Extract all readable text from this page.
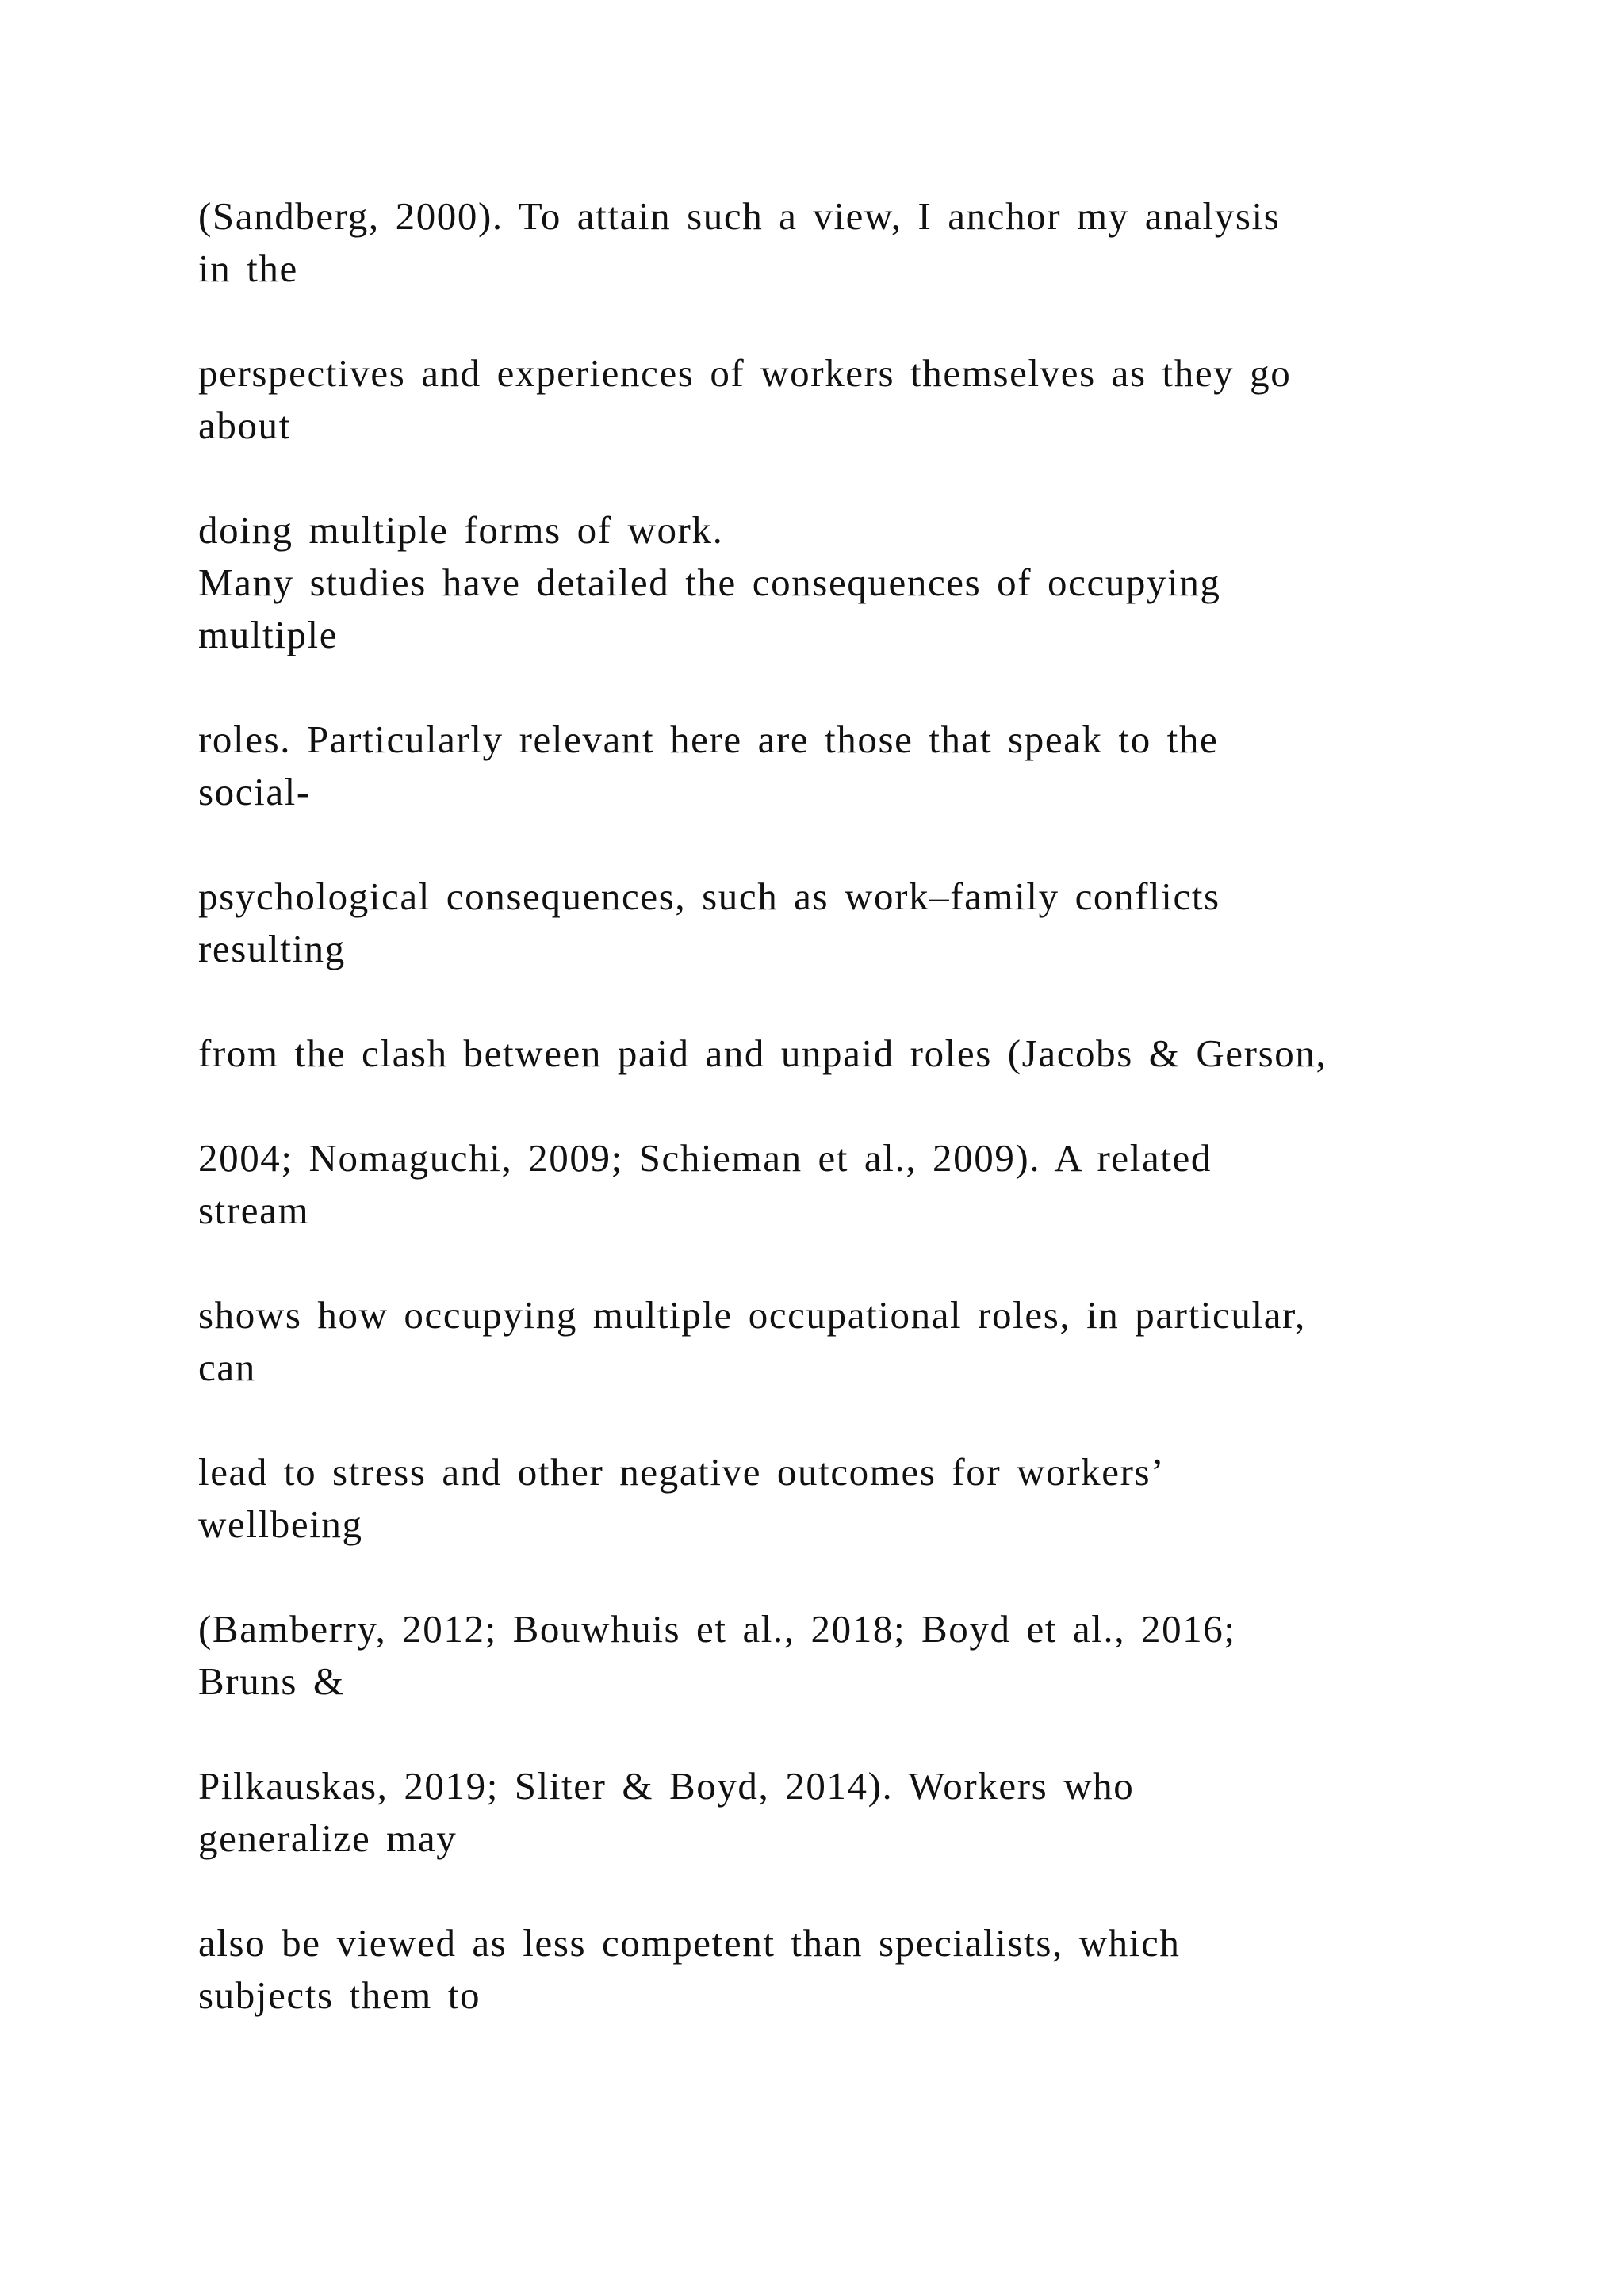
(Sandberg, 2000). To attain such a view, I anchor my analysis
in the
perspectives and experiences of workers themselves as they go
about
doing multiple forms of work.
Many studies have detailed the consequences of occupying
multiple
roles. Particularly relevant here are those that speak to the
social-
psychological consequences, such as work–family conflicts
resulting
from the clash between paid and unpaid roles (Jacobs & Gerson,
2004; Nomaguchi, 2009; Schieman et al., 2009). A related
stream
shows how occupying multiple occupational roles, in particular,
can
lead to stress and other negative outcomes for workers’
wellbeing
(Bamberry, 2012; Bouwhuis et al., 2018; Boyd et al., 2016;
Bruns &
Pilkauskas, 2019; Sliter & Boyd, 2014). Workers who
generalize may
also be viewed as less competent than specialists, which
subjects them to
